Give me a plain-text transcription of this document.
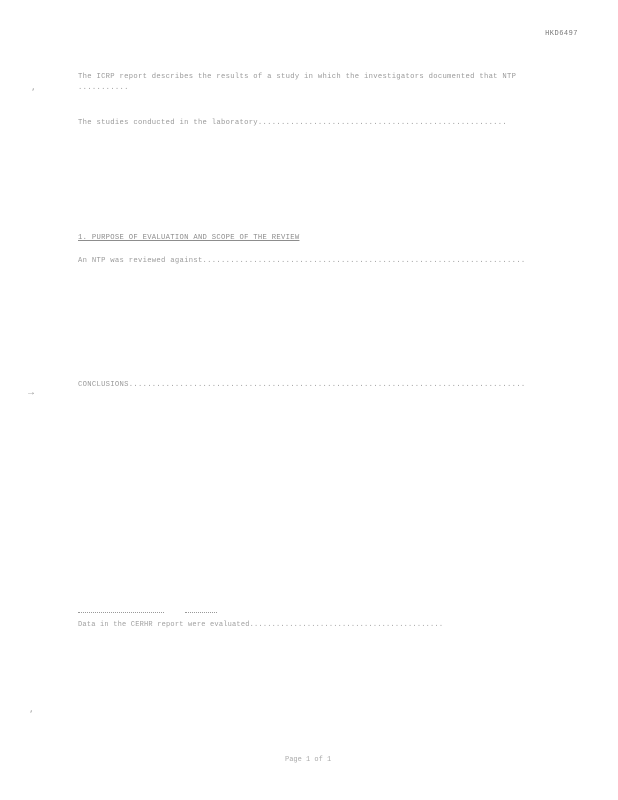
HKD6497
⸴
→
⸴

The ICRP report describes the results of a study in which the investigators documented that NTP ...........

The studies conducted in the laboratory......................................................

1. PURPOSE OF EVALUATION AND SCOPE OF THE REVIEW

An NTP was reviewed against......................................................................

CONCLUSIONS......................................................................................

Data in the CERHR report were evaluated............................................

Page 1 of 1
